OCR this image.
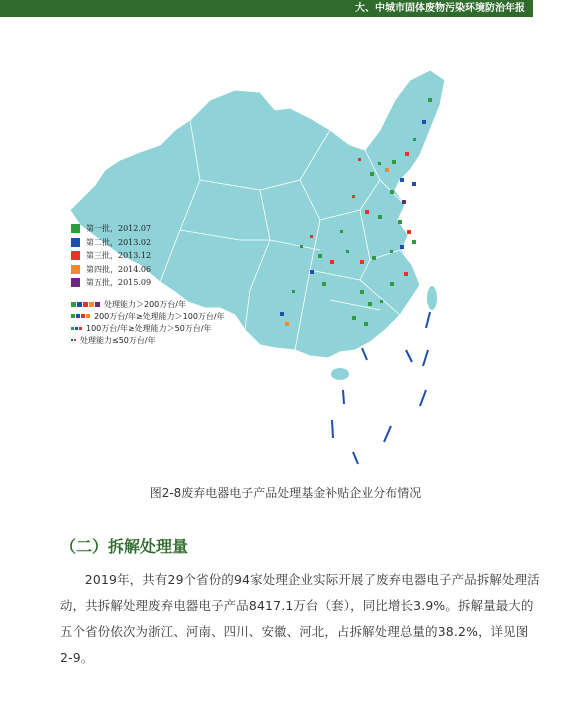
大、中城市固体废物污染环境防治年报
第一批，2012.07
第二批，2013.02
第三批，2013.12
第四批，2014.06
第五批，2015.09
处理能力＞200万台/年
200万台/年≥处理能力＞100万台/年
100万台/年≥处理能力＞50万台/年
处理能力≤50万台/年
图2-8废弃电器电子产品处理基金补贴企业分布情况
（二）拆解处理量
2019年，共有29个省份的94家处理企业实际开展了废弃电器电子产品拆解处理活动，共拆解处理废弃电器电子产品8417.1万台（套），同比增长3.9%。拆解量最大的五个省份依次为浙江、河南、四川、安徽、河北，占拆解处理总量的38.2%，详见图2-9。
